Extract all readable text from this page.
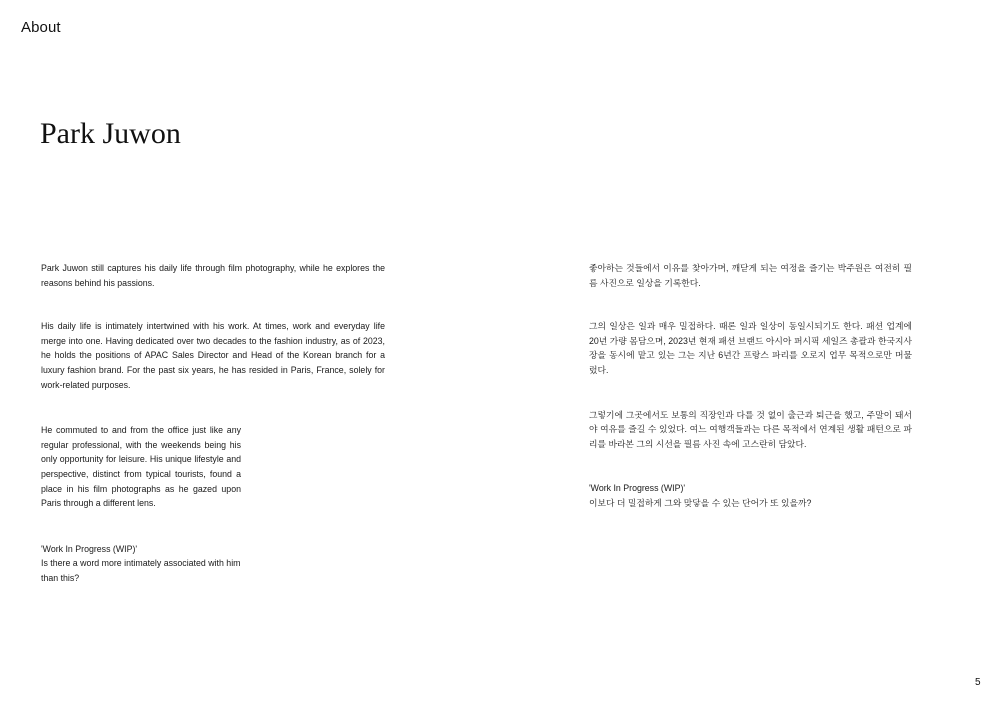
About
Park Juwon

Park Juwon still captures his daily life through film photography, while he explores the reasons behind his passions.

His daily life is intimately intertwined with his work. At times, work and everyday life merge into one. Having dedicated over two decades to the fashion industry, as of 2023, he holds the positions of APAC Sales Director and Head of the Korean branch for a luxury fashion brand. For the past six years, he has resided in Paris, France, solely for work-related purposes.

He commuted to and from the office just like any regular professional, with the weekends being his only opportunity for leisure. His unique lifestyle and perspective, distinct from typical tourists, found a place in his film photographs as he gazed upon Paris through a different lens.

'Work In Progress (WIP)'
Is there a word more intimately associated with him than this?

좋아하는 것들에서 이유를 찾아가며, 깨닫게 되는 여정을 즐기는 박주원은 여전히 필름 사진으로 일상을 기록한다.

그의 일상은 일과 매우 밀접하다. 때론 일과 일상이 동일시되기도 한다. 패션 업계에 20년 가량 몸담으며, 2023년 현재 패션 브랜드 아시아 퍼시픽 세일즈 총괄과 한국지사장을 동시에 맡고 있는 그는 지난 6년간 프랑스 파리를 오로지 업무 목적으로만 머물렀다.

그렇기에 그곳에서도 보통의 직장인과 다를 것 없이 출근과 퇴근을 했고, 주말이 돼서야 여유를 즐길 수 있었다. 여느 여행객들과는 다른 목적에서 연계된 생활 패턴으로 파리를 바라본 그의 시선을 필름 사진 속에 고스란히 담았다.

'Work In Progress (WIP)'
이보다 더 밀접하게 그와 맞닿을 수 있는 단어가 또 있을까?
5
